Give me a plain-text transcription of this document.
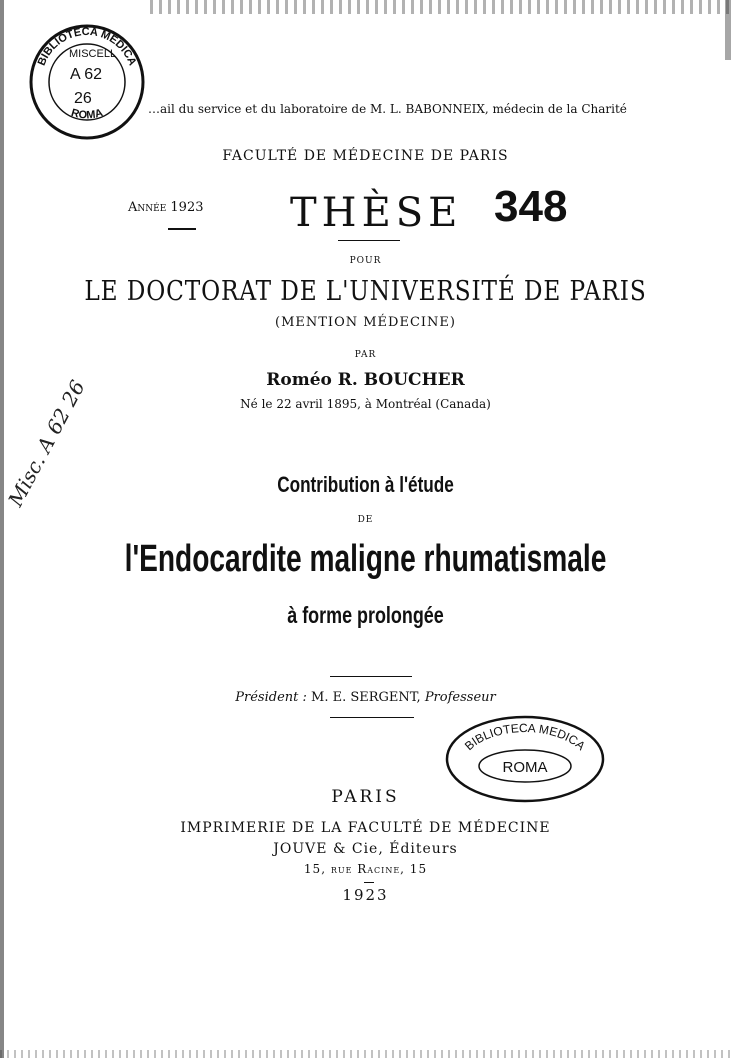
BIBLIOTECA MEDICA
ROMA
MISCELL
A 62
26
…ail du service et du laboratoire de M. L. BABONNEIX, médecin de la Charité
FACULTÉ DE MÉDECINE DE PARIS
Année 1923 THÈSE 348
POUR
LE DOCTORAT DE L'UNIVERSITÉ DE PARIS
(MENTION MÉDECINE)
PAR
Roméo R. BOUCHER
Né le 22 avril 1895, à Montréal (Canada)
Misc. A 62 26	Contribution à l'étude
DE
l'Endocardite maligne rhumatismale
à forme prolongée
Président : M. E. SERGENT, Professeur
BIBLIOTECA MEDICA
ROMA
PARIS
IMPRIMERIE DE LA FACULTÉ DE MÉDECINE
JOUVE & Cie, Éditeurs
15, rue Racine, 15
1923
